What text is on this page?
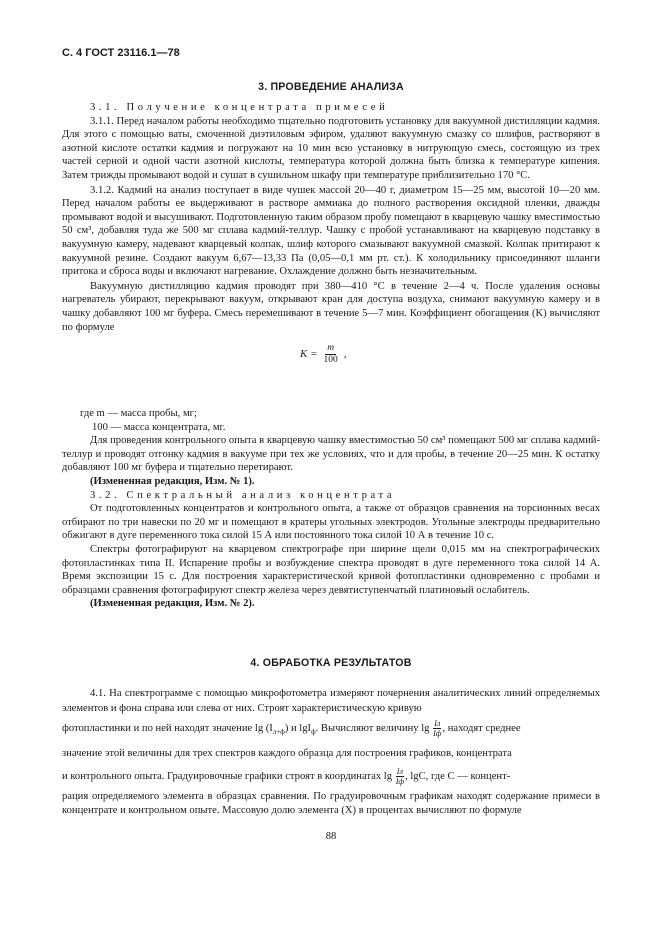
С. 4 ГОСТ 23116.1—78
3. ПРОВЕДЕНИЕ АНАЛИЗА

3.1. Получение концентрата примесей

3.1.1. Перед началом работы необходимо тщательно подготовить установку для вакуумной дистилляции кадмия. Для этого с помощью ваты, смоченной диэтиловым эфиром, удаляют вакуумную смазку со шлифов, растворяют в азотной кислоте остатки кадмия и погружают на 10 мин всю установку в нитрующую смесь, состоящую из трех частей серной и одной части азотной кислоты, температура которой должна быть близка к температуре кипения. Затем трижды промывают водой и сушат в сушильном шкафу при температуре приблизительно 170 °С.

3.1.2. Кадмий на анализ поступает в виде чушек массой 20—40 г, диаметром 15—25 мм, высотой 10—20 мм. Перед началом работы ее выдерживают в растворе аммиака до полного растворения оксидной пленки, дважды промывают водой и высушивают. Подготовленную таким образом пробу помещают в кварцевую чашку вместимостью 50 см³, добавляя туда же 500 мг сплава кадмий-теллур. Чашку с пробой устанавливают на кварцевую подставку в вакуумную камеру, надевают кварцевый колпак, шлиф которого смазывают вакуумной смазкой. Колпак притирают к вакуумной резине. Создают вакуум 6,67—13,33 Па (0,05—0,1 мм рт. ст.). К холодильнику присоединяют шланги притока и сброса воды и включают нагревание. Охлаждение должно быть незначительным.

Вакуумную дистилляцию кадмия проводят при 380—410 °С в течение 2—4 ч. После удаления основы нагреватель убирают, перекрывают вакуум, открывают кран для доступа воздуха, снимают вакуумную камеру и в чашку добавляют 100 мг буфера. Смесь перемешивают в течение 5—7 мин. Коэффициент обогащения (K) вычисляют по формуле

$K = \frac{m}{100}$ ,

где m — масса пробы, мг;

100 — масса концентрата, мг.

Для проведения контрольного опыта в кварцевую чашку вместимостью 50 см³ помещают 500 мг сплава кадмий-теллур и проводят отгонку кадмия в вакууме при тех же условиях, что и для пробы, в течение 20—25 мин. К остатку добавляют 100 мг буфера и тщательно перетирают.

(Измененная редакция, Изм. № 1).

3.2. Спектральный анализ концентрата

От подготовленных концентратов и контрольного опыта, а также от образцов сравнения на торсионных весах отбирают по три навески по 20 мг и помещают в кратеры угольных электродов. Угольные электроды предварительно обжигают в дуге переменного тока силой 15 А или постоянного тока силой 10 А в течение 10 с.

Спектры фотографируют на кварцевом спектрографе при ширине щели 0,015 мм на спектрографических фотопластинках типа II. Испарение пробы и возбуждение спектра проводят в дуге переменного тока силой 14 А. Время экспозиции 15 с. Для построения характеристической кривой фотопластинки одновременно с пробами и образцами сравнения фотографируют спектр железа через девятиступенчатый платиновый ослабитель.

(Измененная редакция, Изм. № 2).

4. ОБРАБОТКА РЕЗУЛЬТАТОВ

4.1. На спектрограмме с помощью микрофотометра измеряют почернения аналитических линий определяемых элементов и фона справа или слева от них. Строят характеристическую кривую

фотопластинки и по ней находят значение $\lg (I_{л+ф})$ и lgI$_ф$. Вычисляют величину lg Iл
Iф , находят среднее

значение этой величины для трех спектров каждого образца для построения графиков, концентрата

и контрольного опыта. Градуировочные графики строят в координатах lg Iл
Iф , lgC, где C — концент-

рация определяемого элемента в образцах сравнения. По градуировочным графикам находят содержание примеси в концентрате и контрольном опыте. Массовую долю элемента (X) в процентах вычисляют по формуле

88
